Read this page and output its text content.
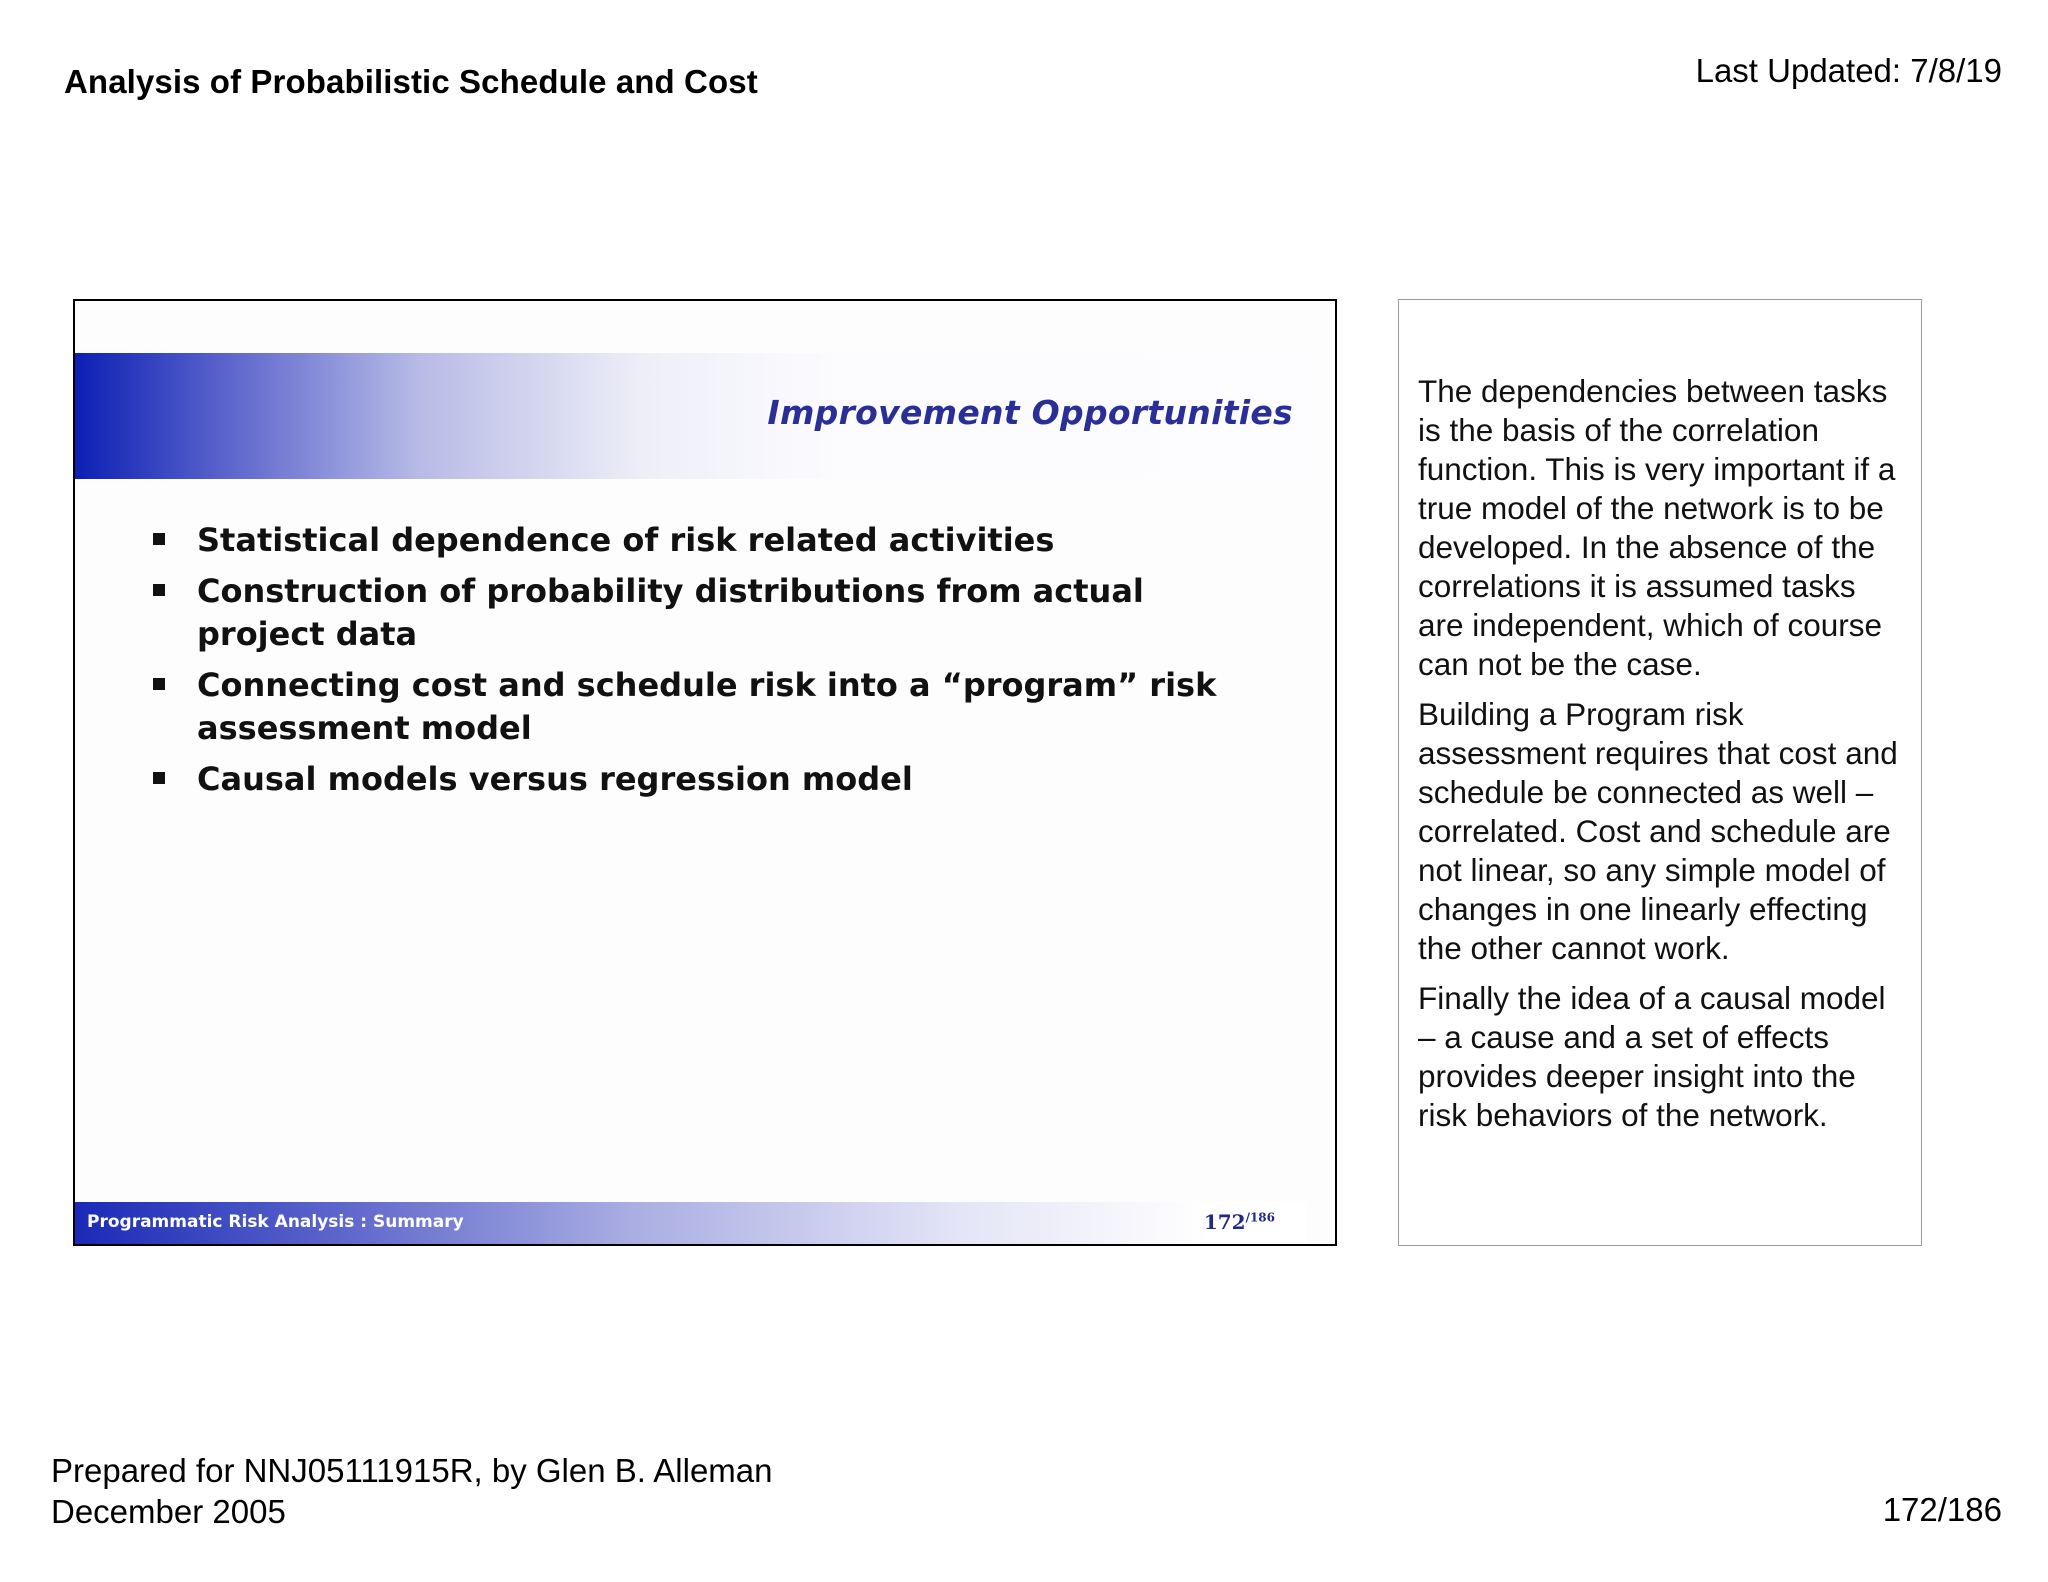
Analysis of Probabilistic Schedule and Cost	Last Updated: 7/8/19
Improvement Opportunities
Statistical dependence of risk related activities
Construction of probability distributions from actual project data
Connecting cost and schedule risk into a “program” risk assessment model
Causal models versus regression model
Programmatic Risk Analysis : Summary	$172^{/186}$

The dependencies between tasks is the basis of the correlation function. This is very important if a true model of the network is to be developed. In the absence of the correlations it is assumed tasks are independent, which of course can not be the case.

Building a Program risk assessment requires that cost and schedule be connected as well – correlated. Cost and schedule are not linear, so any simple model of changes in one linearly effecting the other cannot work.

Finally the idea of a causal model – a cause and a set of effects provides deeper insight into the risk behaviors of the network.

Prepared for NNJ05111915R, by Glen B. Alleman
December 2005	172/186
